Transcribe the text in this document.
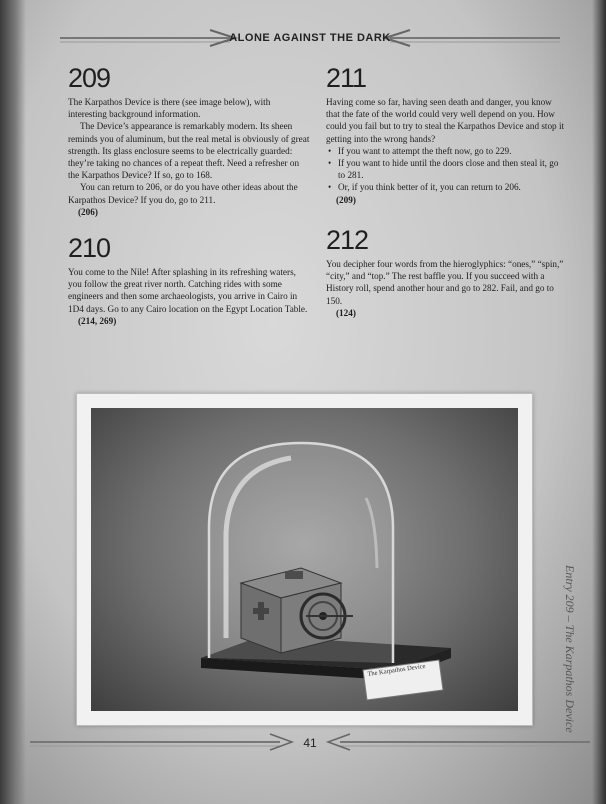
ALONE AGAINST THE DARK
209

The Karpathos Device is there (see image below), with interesting background information.

The Device’s appearance is remarkably modern. Its sheen reminds you of aluminum, but the real metal is obviously of great strength. Its glass enclosure seems to be electrically guarded: they’re taking no chances of a repeat theft. Need a refresher on the Karpathos Device? If so, go to 168.

You can return to 206, or do you have other ideas about the Karpathos Device? If you do, go to 211.

(206)

210

You come to the Nile! After splashing in its refreshing waters, you follow the great river north. Catching rides with some engineers and then some archaeologists, you arrive in Cairo in 1D4 days. Go to any Cairo location on the Egypt Location Table.

(214, 269)

211

Having come so far, having seen death and danger, you know that the fate of the world could very well depend on you. How could you fail but to try to steal the Karpathos Device and stop it getting into the wrong hands?

• If you want to attempt the theft now, go to 229.
• If you want to hide until the doors close and then steal it, go to 281.
• Or, if you think better of it, you can return to 206.

(209)

212

You decipher four words from the hieroglyphics: “ones,” “spin,” “city,” and “top.” The rest baffle you. If you succeed with a History roll, spend another hour and go to 282. Fail, and go to 150.

(124)

The Karpathos Device	Entry 209 – The Karpathos Device
41
